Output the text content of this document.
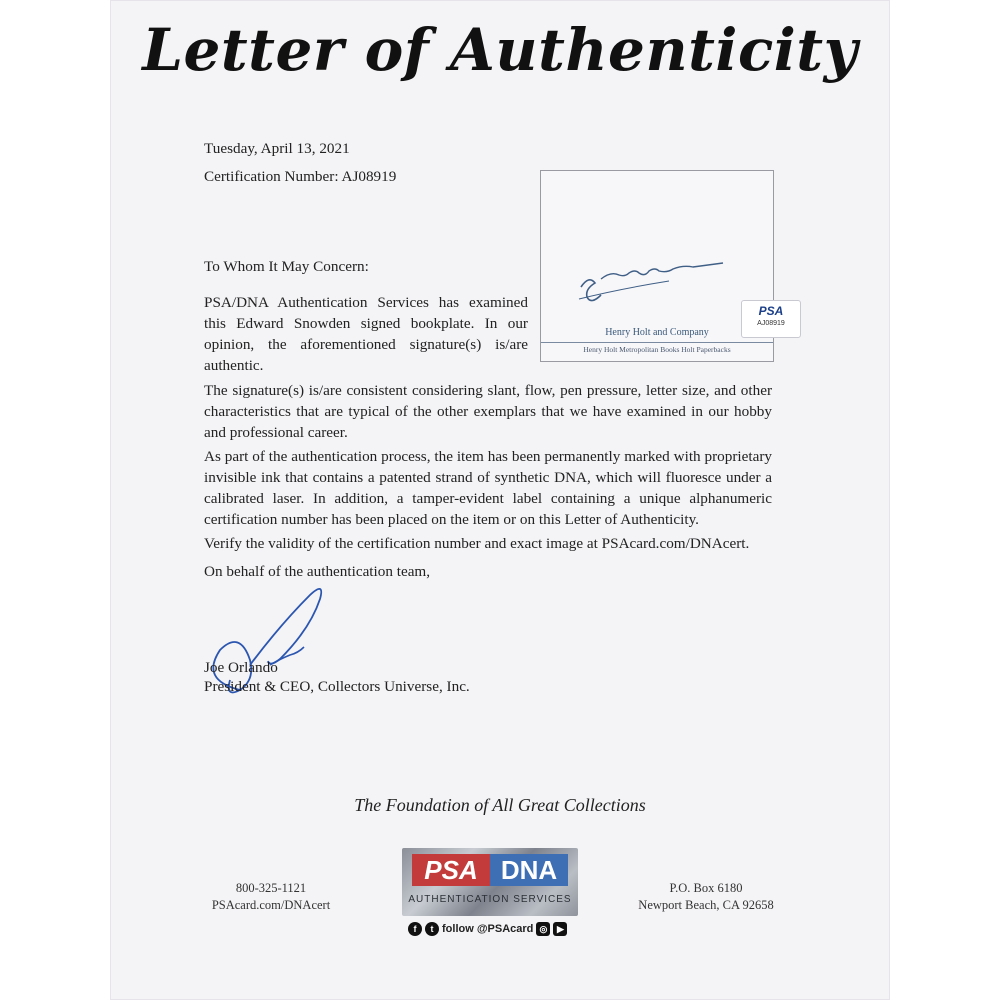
Letter of Authenticity
Tuesday, April 13, 2021
Certification Number: AJ08919
To Whom It May Concern:
PSA/DNA Authentication Services has examined this Edward Snowden signed bookplate. In our opinion, the aforementioned signature(s) is/are authentic.
The signature(s) is/are consistent considering slant, flow, pen pressure, letter size, and other characteristics that are typical of the other exemplars that we have examined in our hobby and professional career.
As part of the authentication process, the item has been permanently marked with proprietary invisible ink that contains a patented strand of synthetic DNA, which will fluoresce under a calibrated laser. In addition, a tamper-evident label containing a unique alphanumeric certification number has been placed on the item or on this Letter of Authenticity.
Verify the validity of the certification number and exact image at PSAcard.com/DNAcert.
On behalf of the authentication team,
PSA
AJ08919
Henry Holt and Company
Henry Holt Metropolitan Books Holt Paperbacks
Joe Orlando
President & CEO, Collectors Universe, Inc.
The Foundation of All Great Collections
800-325-1121
PSAcard.com/DNAcert
PSA DNA
AUTHENTICATION SERVICES
P.O. Box 6180
Newport Beach, CA 92658
f	t follow @PSAcard ◎	▶
